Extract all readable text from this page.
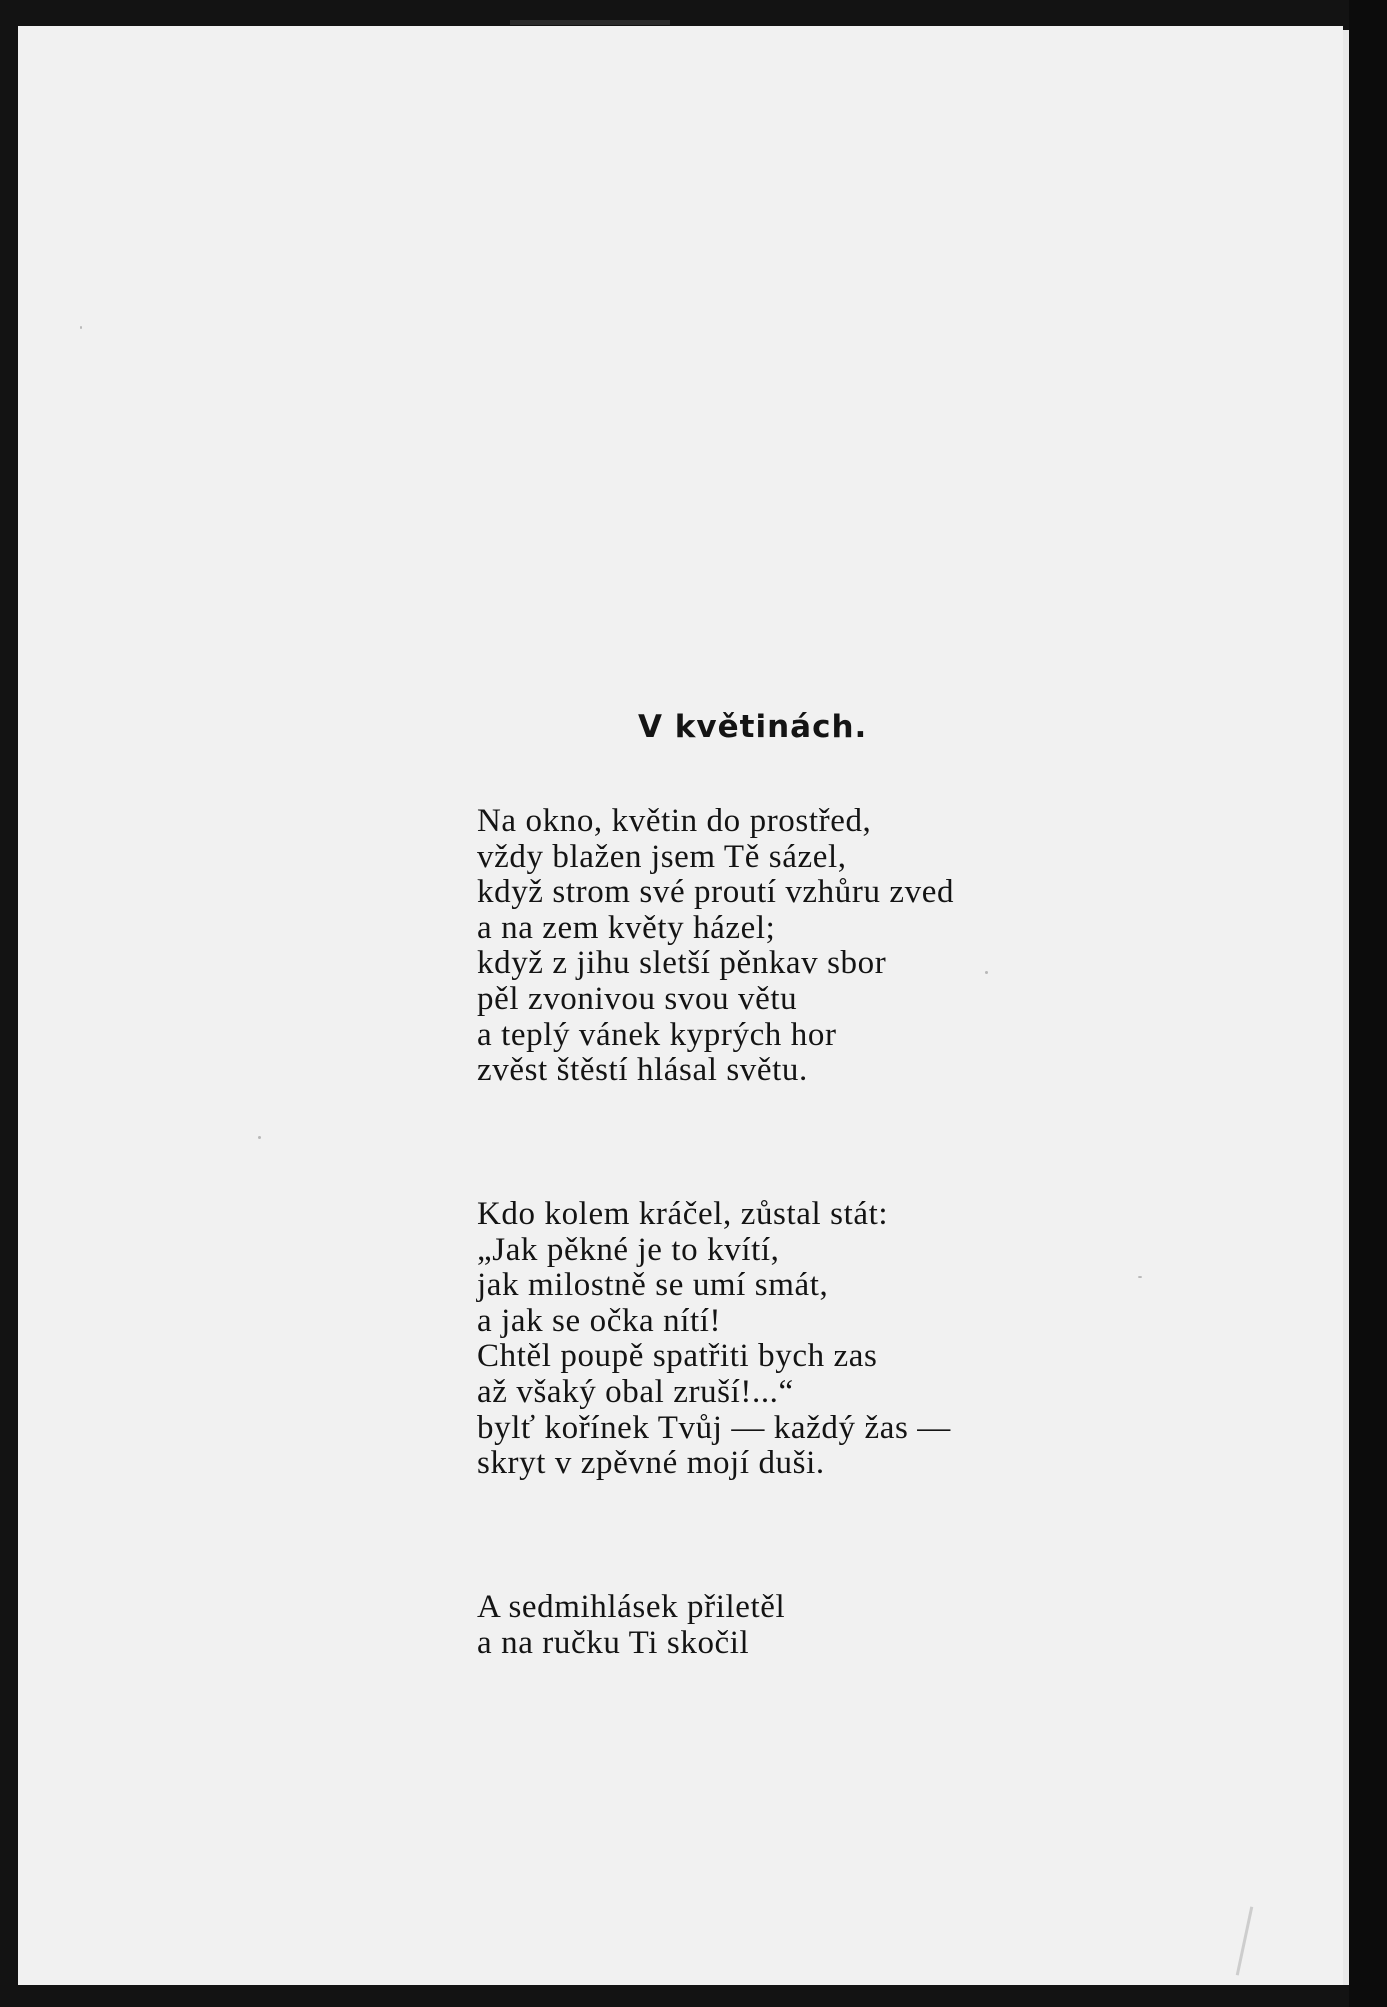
V květinách.
Na okno, květin do prostřed,
vždy blažen jsem Tě sázel,
když strom své proutí vzhůru zved
a na zem květy házel;
když z jihu sletší pěnkav sbor
pěl zvonivou svou větu
a teplý vánek kyprých hor
zvěst štěstí hlásal světu.
Kdo kolem kráčel, zůstal stát:
„Jak pěkné je to kvítí,
jak milostně se umí smát,
a jak se očka nítí!
Chtěl poupě spatřiti bych zas
až všaký obal zruší!...“
bylť kořínek Tvůj — každý žas —
skryt v zpěvné mojí duši.
A sedmihlásek přiletěl
a na ručku Ti skočil
